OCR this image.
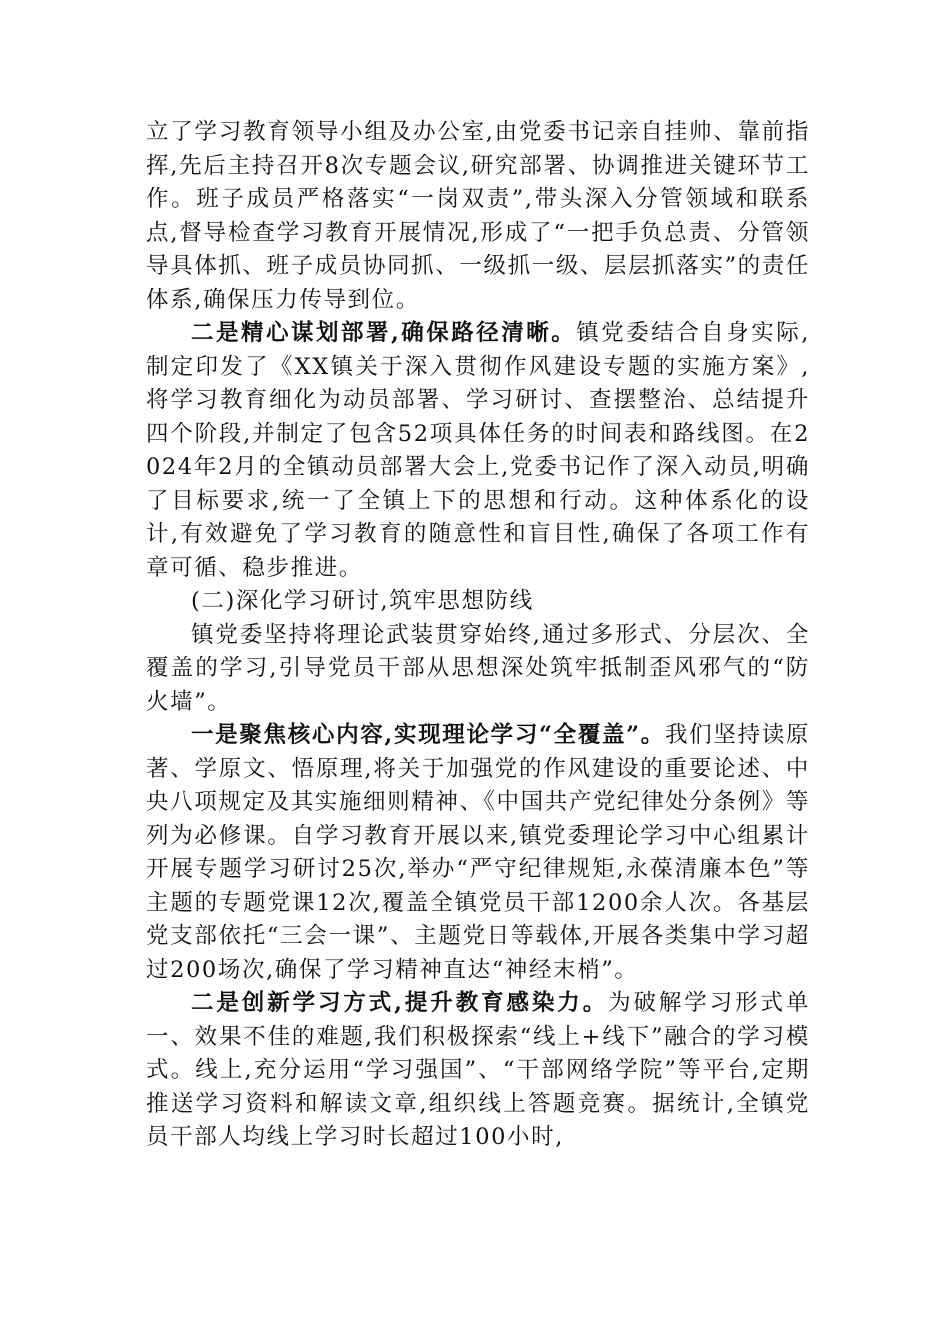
立了学习教育领导小组及办公室,由党委书记亲自挂帅、靠前指挥,先后主持召开8次专题会议,研究部署、协调推进关键环节工作。班子成员严格落实“一岗双责”,带头深入分管领域和联系点,督导检查学习教育开展情况,形成了“一把手负总责、分管领导具体抓、班子成员协同抓、一级抓一级、层层抓落实”的责任体系,确保压力传导到位。

二是精心谋划部署,确保路径清晰。镇党委结合自身实际,制定印发了《XX镇关于深入贯彻作风建设专题的实施方案》,将学习教育细化为动员部署、学习研讨、查摆整治、总结提升四个阶段,并制定了包含52项具体任务的时间表和路线图。在2024年2月的全镇动员部署大会上,党委书记作了深入动员,明确了目标要求,统一了全镇上下的思想和行动。这种体系化的设计,有效避免了学习教育的随意性和盲目性,确保了各项工作有章可循、稳步推进。

(二)深化学习研讨,筑牢思想防线

镇党委坚持将理论武装贯穿始终,通过多形式、分层次、全覆盖的学习,引导党员干部从思想深处筑牢抵制歪风邪气的“防火墙”。

一是聚焦核心内容,实现理论学习“全覆盖”。我们坚持读原著、学原文、悟原理,将关于加强党的作风建设的重要论述、中央八项规定及其实施细则精神、《中国共产党纪律处分条例》等列为必修课。自学习教育开展以来,镇党委理论学习中心组累计开展专题学习研讨25次,举办“严守纪律规矩,永葆清廉本色”等主题的专题党课12次,覆盖全镇党员干部1200余人次。各基层党支部依托“三会一课”、主题党日等载体,开展各类集中学习超过200场次,确保了学习精神直达“神经末梢”。

二是创新学习方式,提升教育感染力。为破解学习形式单一、效果不佳的难题,我们积极探索“线上+线下”融合的学习模式。线上,充分运用“学习强国”、“干部网络学院”等平台,定期推送学习资料和解读文章,组织线上答题竞赛。据统计,全镇党员干部人均线上学习时长超过100小时,
